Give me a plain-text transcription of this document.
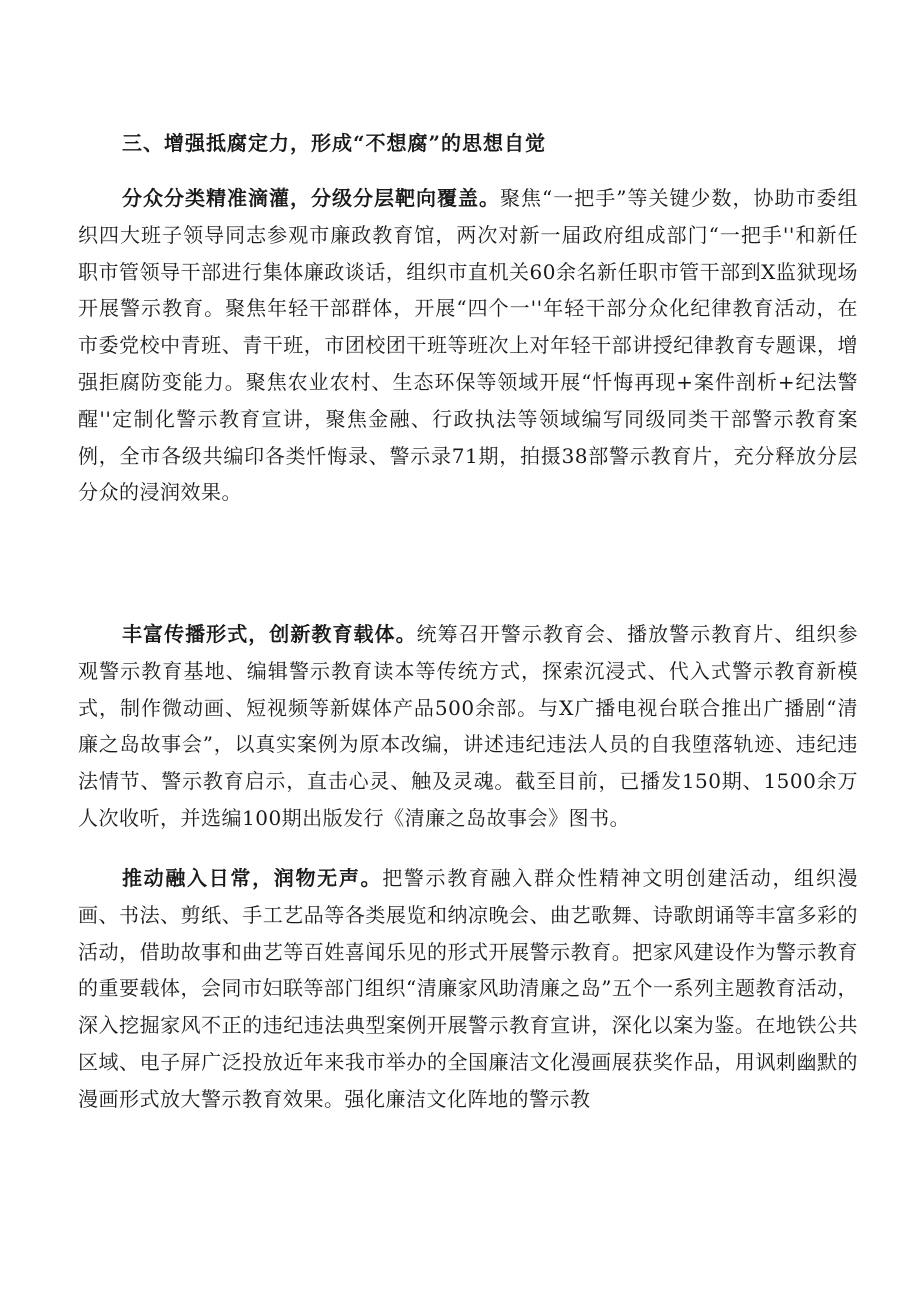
三、增强抵腐定力，形成“不想腐”的思想自觉

分众分类精准滴灌，分级分层靶向覆盖。聚焦“一把手”等关键少数，协助市委组织四大班子领导同志参观市廉政教育馆，两次对新一届政府组成部门“一把手''和新任职市管领导干部进行集体廉政谈话，组织市直机关60余名新任职市管干部到X监狱现场开展警示教育。聚焦年轻干部群体，开展“四个一''年轻干部分众化纪律教育活动，在市委党校中青班、青干班，市团校团干班等班次上对年轻干部讲授纪律教育专题课，增强拒腐防变能力。聚焦农业农村、生态环保等领域开展“忏悔再现+案件剖析+纪法警醒''定制化警示教育宣讲，聚焦金融、行政执法等领域编写同级同类干部警示教育案例，全市各级共编印各类忏悔录、警示录71期，拍摄38部警示教育片，充分释放分层分众的浸润效果。

丰富传播形式，创新教育载体。统筹召开警示教育会、播放警示教育片、组织参观警示教育基地、编辑警示教育读本等传统方式，探索沉浸式、代入式警示教育新模式，制作微动画、短视频等新媒体产品500余部。与X广播电视台联合推出广播剧“清廉之岛故事会”，以真实案例为原本改编，讲述违纪违法人员的自我堕落轨迹、违纪违法情节、警示教育启示，直击心灵、触及灵魂。截至目前，已播发150期、1500余万人次收听，并选编100期出版发行《清廉之岛故事会》图书。

推动融入日常，润物无声。把警示教育融入群众性精神文明创建活动，组织漫画、书法、剪纸、手工艺品等各类展览和纳凉晚会、曲艺歌舞、诗歌朗诵等丰富多彩的活动，借助故事和曲艺等百姓喜闻乐见的形式开展警示教育。把家风建设作为警示教育的重要载体，会同市妇联等部门组织“清廉家风助清廉之岛”五个一系列主题教育活动，深入挖掘家风不正的违纪违法典型案例开展警示教育宣讲，深化以案为鉴。在地铁公共区域、电子屏广泛投放近年来我市举办的全国廉洁文化漫画展获奖作品，用讽刺幽默的漫画形式放大警示教育效果。强化廉洁文化阵地的警示教
